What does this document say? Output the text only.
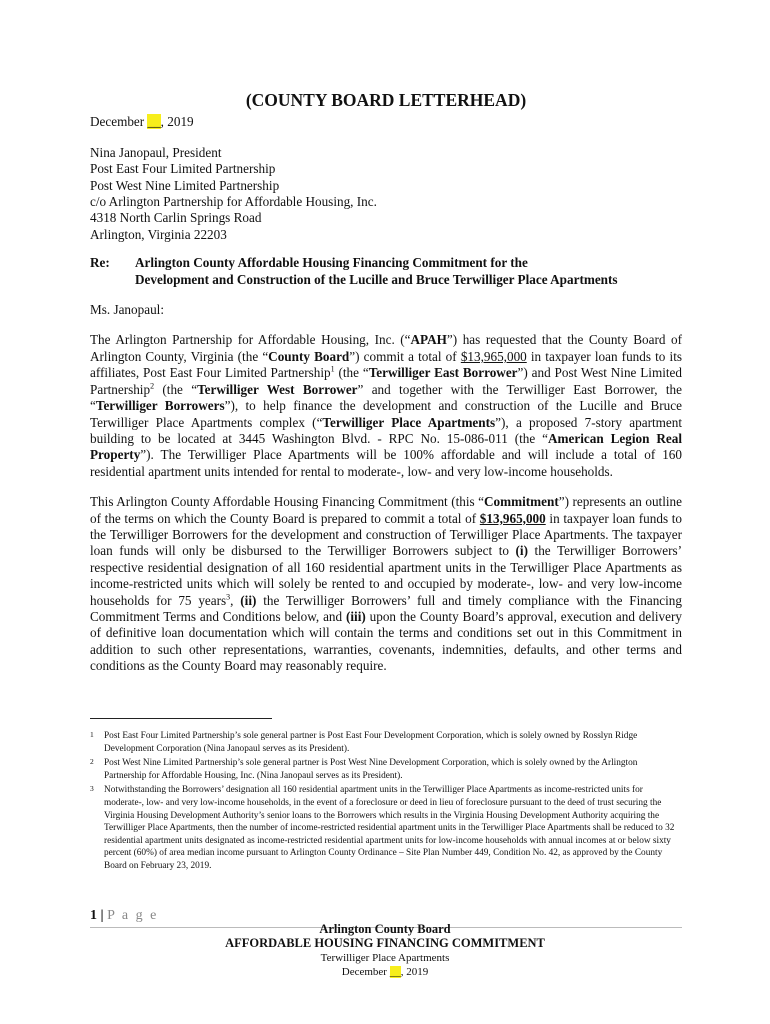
(COUNTY BOARD LETTERHEAD)

December __, 2019

Nina Janopaul, President

Post East Four Limited Partnership

Post West Nine Limited Partnership

c/o Arlington Partnership for Affordable Housing, Inc.

4318 North Carlin Springs Road

Arlington, Virginia 22203

Re:	Arlington County Affordable Housing Financing Commitment for the
Development and Construction of the Lucille and Bruce Terwilliger Place Apartments

Ms. Janopaul:

The Arlington Partnership for Affordable Housing, Inc. (“APAH”) has requested that the County Board of Arlington County, Virginia (the “County Board”) commit a total of $13,965,000 in taxpayer loan funds to its affiliates, Post East Four Limited Partnership$^1$ (the “Terwilliger East Borrower”) and Post West Nine Limited Partnership$^2$ (the “Terwilliger West Borrower” and together with the Terwilliger East Borrower, the “Terwilliger Borrowers”), to help finance the development and construction of the Lucille and Bruce Terwilliger Place Apartments complex (“Terwilliger Place Apartments”), a proposed 7-story apartment building to be located at 3445 Washington Blvd. - RPC No. 15-086-011 (the “American Legion Real Property”). The Terwilliger Place Apartments will be 100% affordable and will include a total of 160 residential apartment units intended for rental to moderate-, low- and very low-income households.

This Arlington County Affordable Housing Financing Commitment (this “Commitment”) represents an outline of the terms on which the County Board is prepared to commit a total of $13,965,000 in taxpayer loan funds to the Terwilliger Borrowers for the development and construction of Terwilliger Place Apartments. The taxpayer loan funds will only be disbursed to the Terwilliger Borrowers subject to (i) the Terwilliger Borrowers’ respective residential designation of all 160 residential apartment units in the Terwilliger Place Apartments as income-restricted units which will solely be rented to and occupied by moderate-, low- and very low-income households for 75 years$^3$, (ii) the Terwilliger Borrowers’ full and timely compliance with the Financing Commitment Terms and Conditions below, and (iii) upon the County Board’s approval, execution and delivery of definitive loan documentation which will contain the terms and conditions set out in this Commitment in addition to such other representations, warranties, covenants, indemnities, defaults, and other terms and conditions as the County Board may reasonably require.

1	Post East Four Limited Partnership’s sole general partner is Post East Four Development Corporation, which is solely owned by Rosslyn Ridge Development Corporation (Nina Janopaul serves as its President).
2	Post West Nine Limited Partnership’s sole general partner is Post West Nine Development Corporation, which is solely owned by the Arlington Partnership for Affordable Housing, Inc. (Nina Janopaul serves as its President).
3	Notwithstanding the Borrowers’ designation all 160 residential apartment units in the Terwilliger Place Apartments as income-restricted units for moderate-, low- and very low-income households, in the event of a foreclosure or deed in lieu of foreclosure pursuant to the deed of trust securing the Virginia Housing Development Authority’s senior loans to the Borrowers which results in the Virginia Housing Development Authority acquiring the Terwilliger Place Apartments, then the number of income-restricted residential apartment units in the Terwilliger Place Apartments shall be reduced to 32 residential apartment units designated as income-restricted residential apartment units for low-income households with annual incomes at or below sixty percent (60%) of area median income pursuant to Arlington County Ordinance – Site Plan Number 449, Condition No. 42, as approved by the County Board on February 23, 2019.
1 | P a g e
Arlington County Board
AFFORDABLE HOUSING FINANCING COMMITMENT
Terwilliger Place Apartments
December __, 2019
